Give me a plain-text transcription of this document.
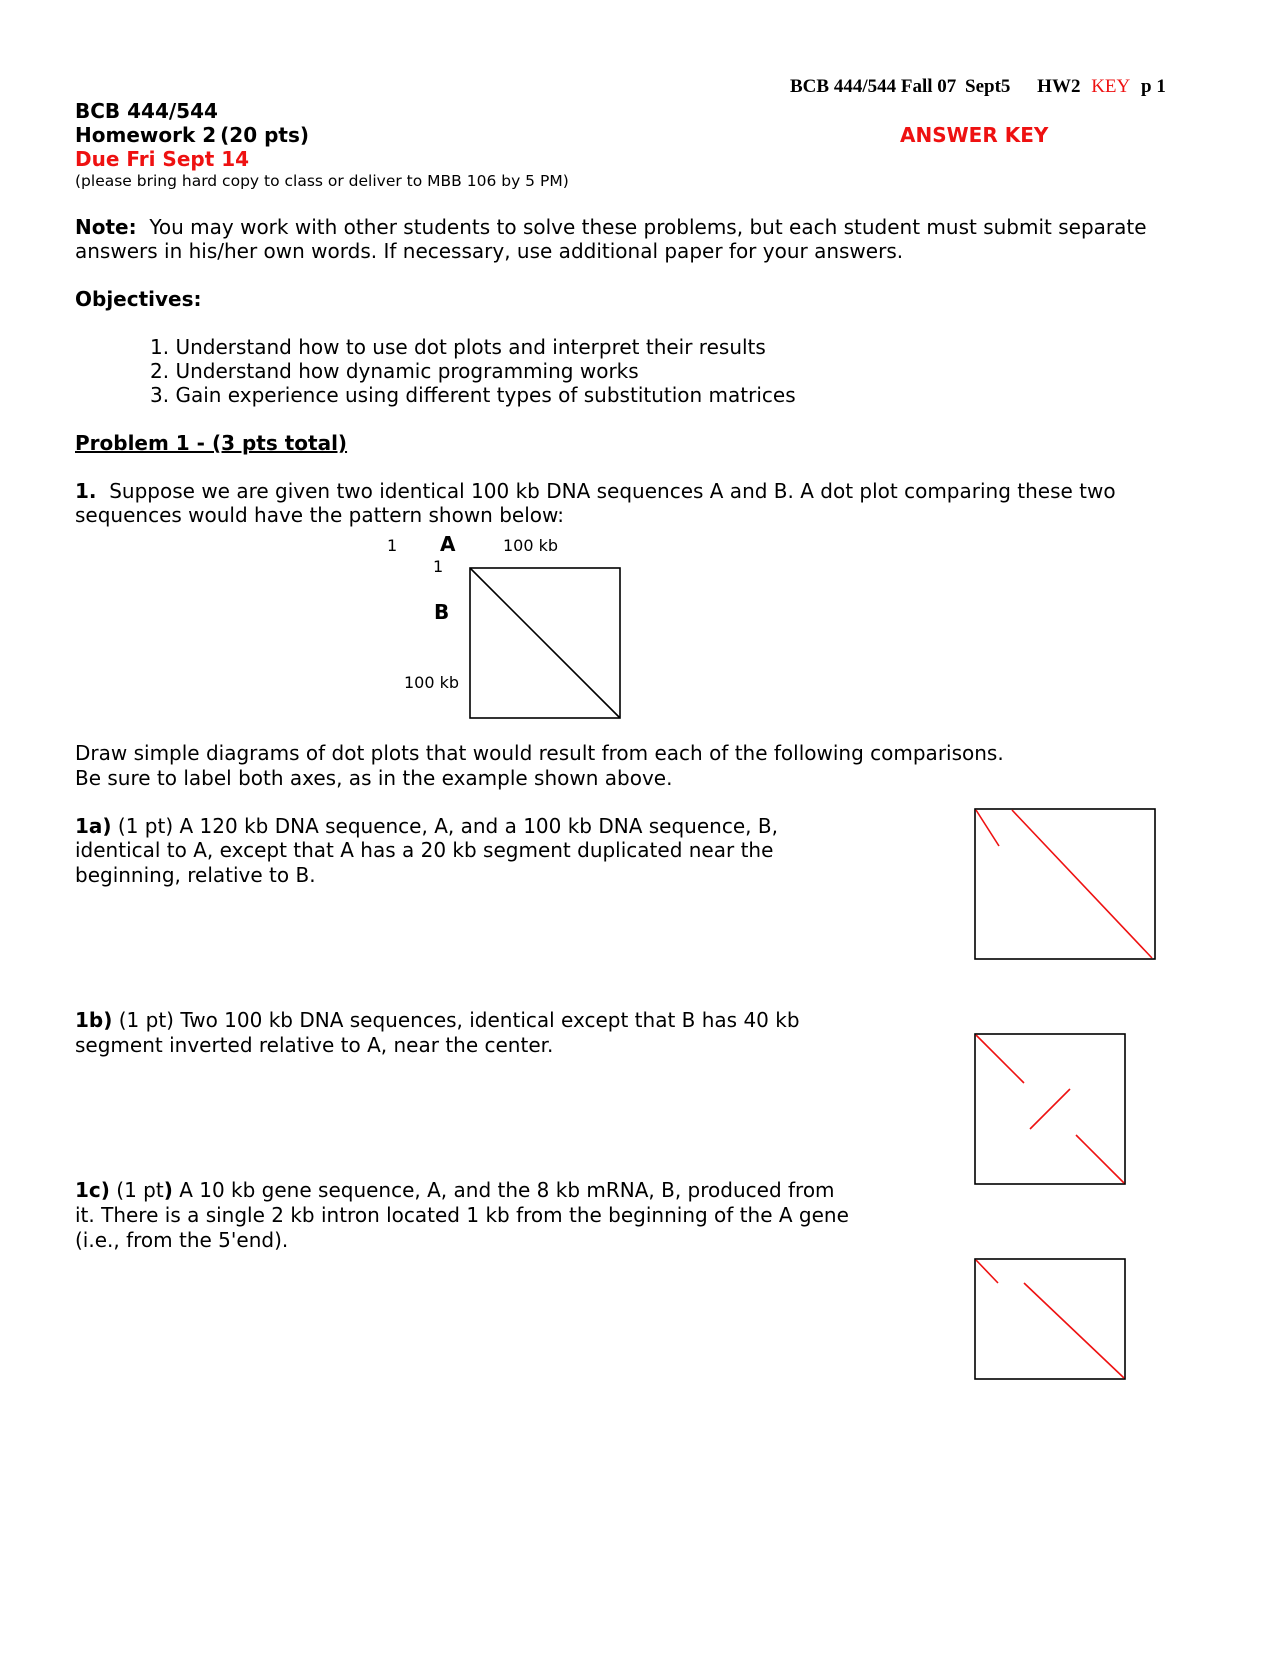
BCB 444/544 Fall 07 Sept5 HW2 KEY p 1
BCB 444/544
Homework 2 (20 pts)	ANSWER KEY
Due Fri Sept 14
(please bring hard copy to class or deliver to MBB 106 by 5 PM)
Note: You may work with other students to solve these problems, but each student must submit separate
answers in his/her own words. If necessary, use additional paper for your answers.
Objectives:
1. Understand how to use dot plots and interpret their results
2. Understand how dynamic programming works
3. Gain experience using different types of substitution matrices
Problem 1 - (3 pts total)
1. Suppose we are given two identical 100 kb DNA sequences A and B. A dot plot comparing these two
sequences would have the pattern shown below:
1 A	100 kb
1
B
100 kb
Draw simple diagrams of dot plots that would result from each of the following comparisons.
Be sure to label both axes, as in the example shown above.
1a) (1 pt) A 120 kb DNA sequence, A, and a 100 kb DNA sequence, B,
identical to A, except that A has a 20 kb segment duplicated near the
beginning, relative to B.
1b) (1 pt) Two 100 kb DNA sequences, identical except that B has 40 kb
segment inverted relative to A, near the center.
1c) (1 pt) A 10 kb gene sequence, A, and the 8 kb mRNA, B, produced from
it. There is a single 2 kb intron located 1 kb from the beginning of the A gene
(i.e., from the 5'end).
